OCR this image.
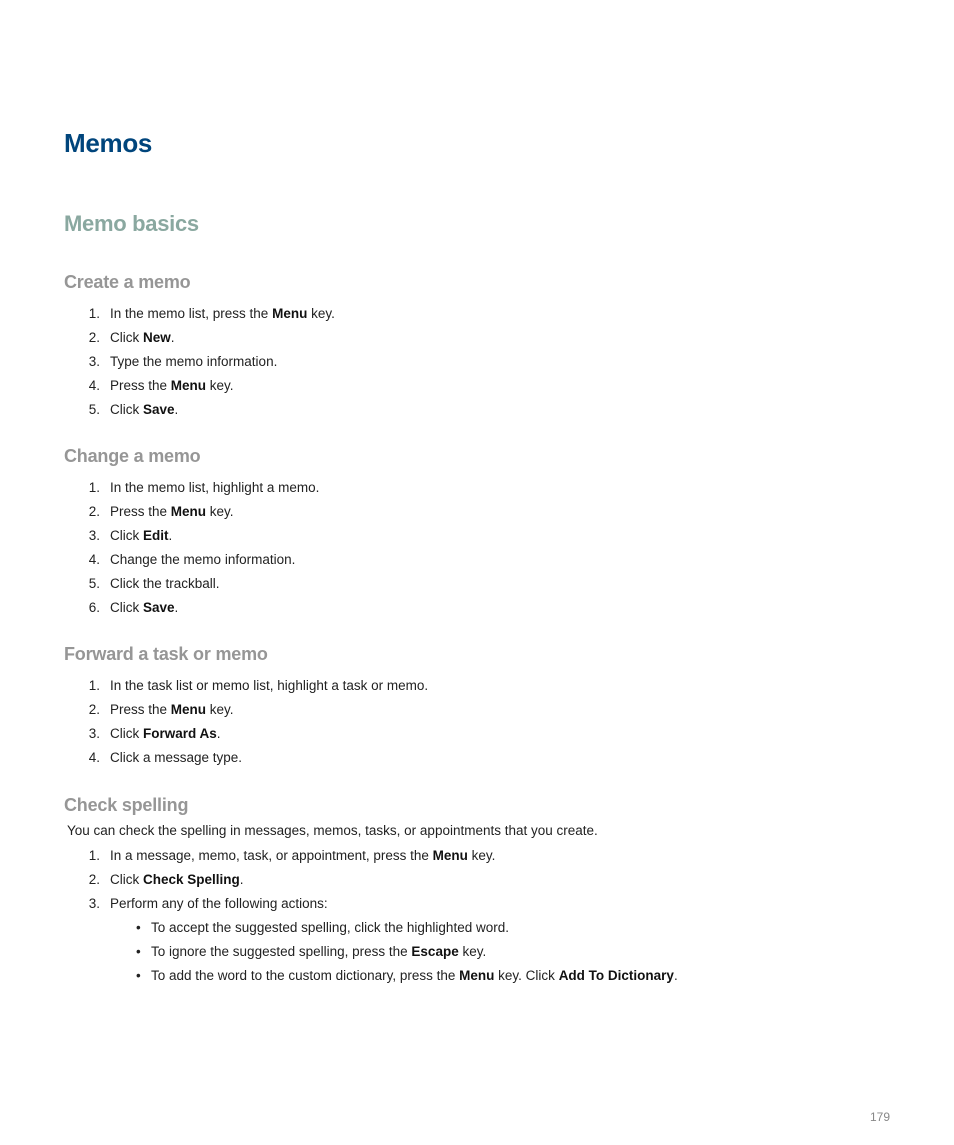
Memos
Memo basics
Create a memo
1. In the memo list, press the Menu key.
2. Click New.
3. Type the memo information.
4. Press the Menu key.
5. Click Save.
Change a memo
1. In the memo list, highlight a memo.
2. Press the Menu key.
3. Click Edit.
4. Change the memo information.
5. Click the trackball.
6. Click Save.
Forward a task or memo
1. In the task list or memo list, highlight a task or memo.
2. Press the Menu key.
3. Click Forward As.
4. Click a message type.
Check spelling

You can check the spelling in messages, memos, tasks, or appointments that you create.

1. In a message, memo, task, or appointment, press the Menu key.
2. Click Check Spelling.
3. Perform any of the following actions:
• To accept the suggested spelling, click the highlighted word.
• To ignore the suggested spelling, press the Escape key.
• To add the word to the custom dictionary, press the Menu key. Click Add To Dictionary.
179
